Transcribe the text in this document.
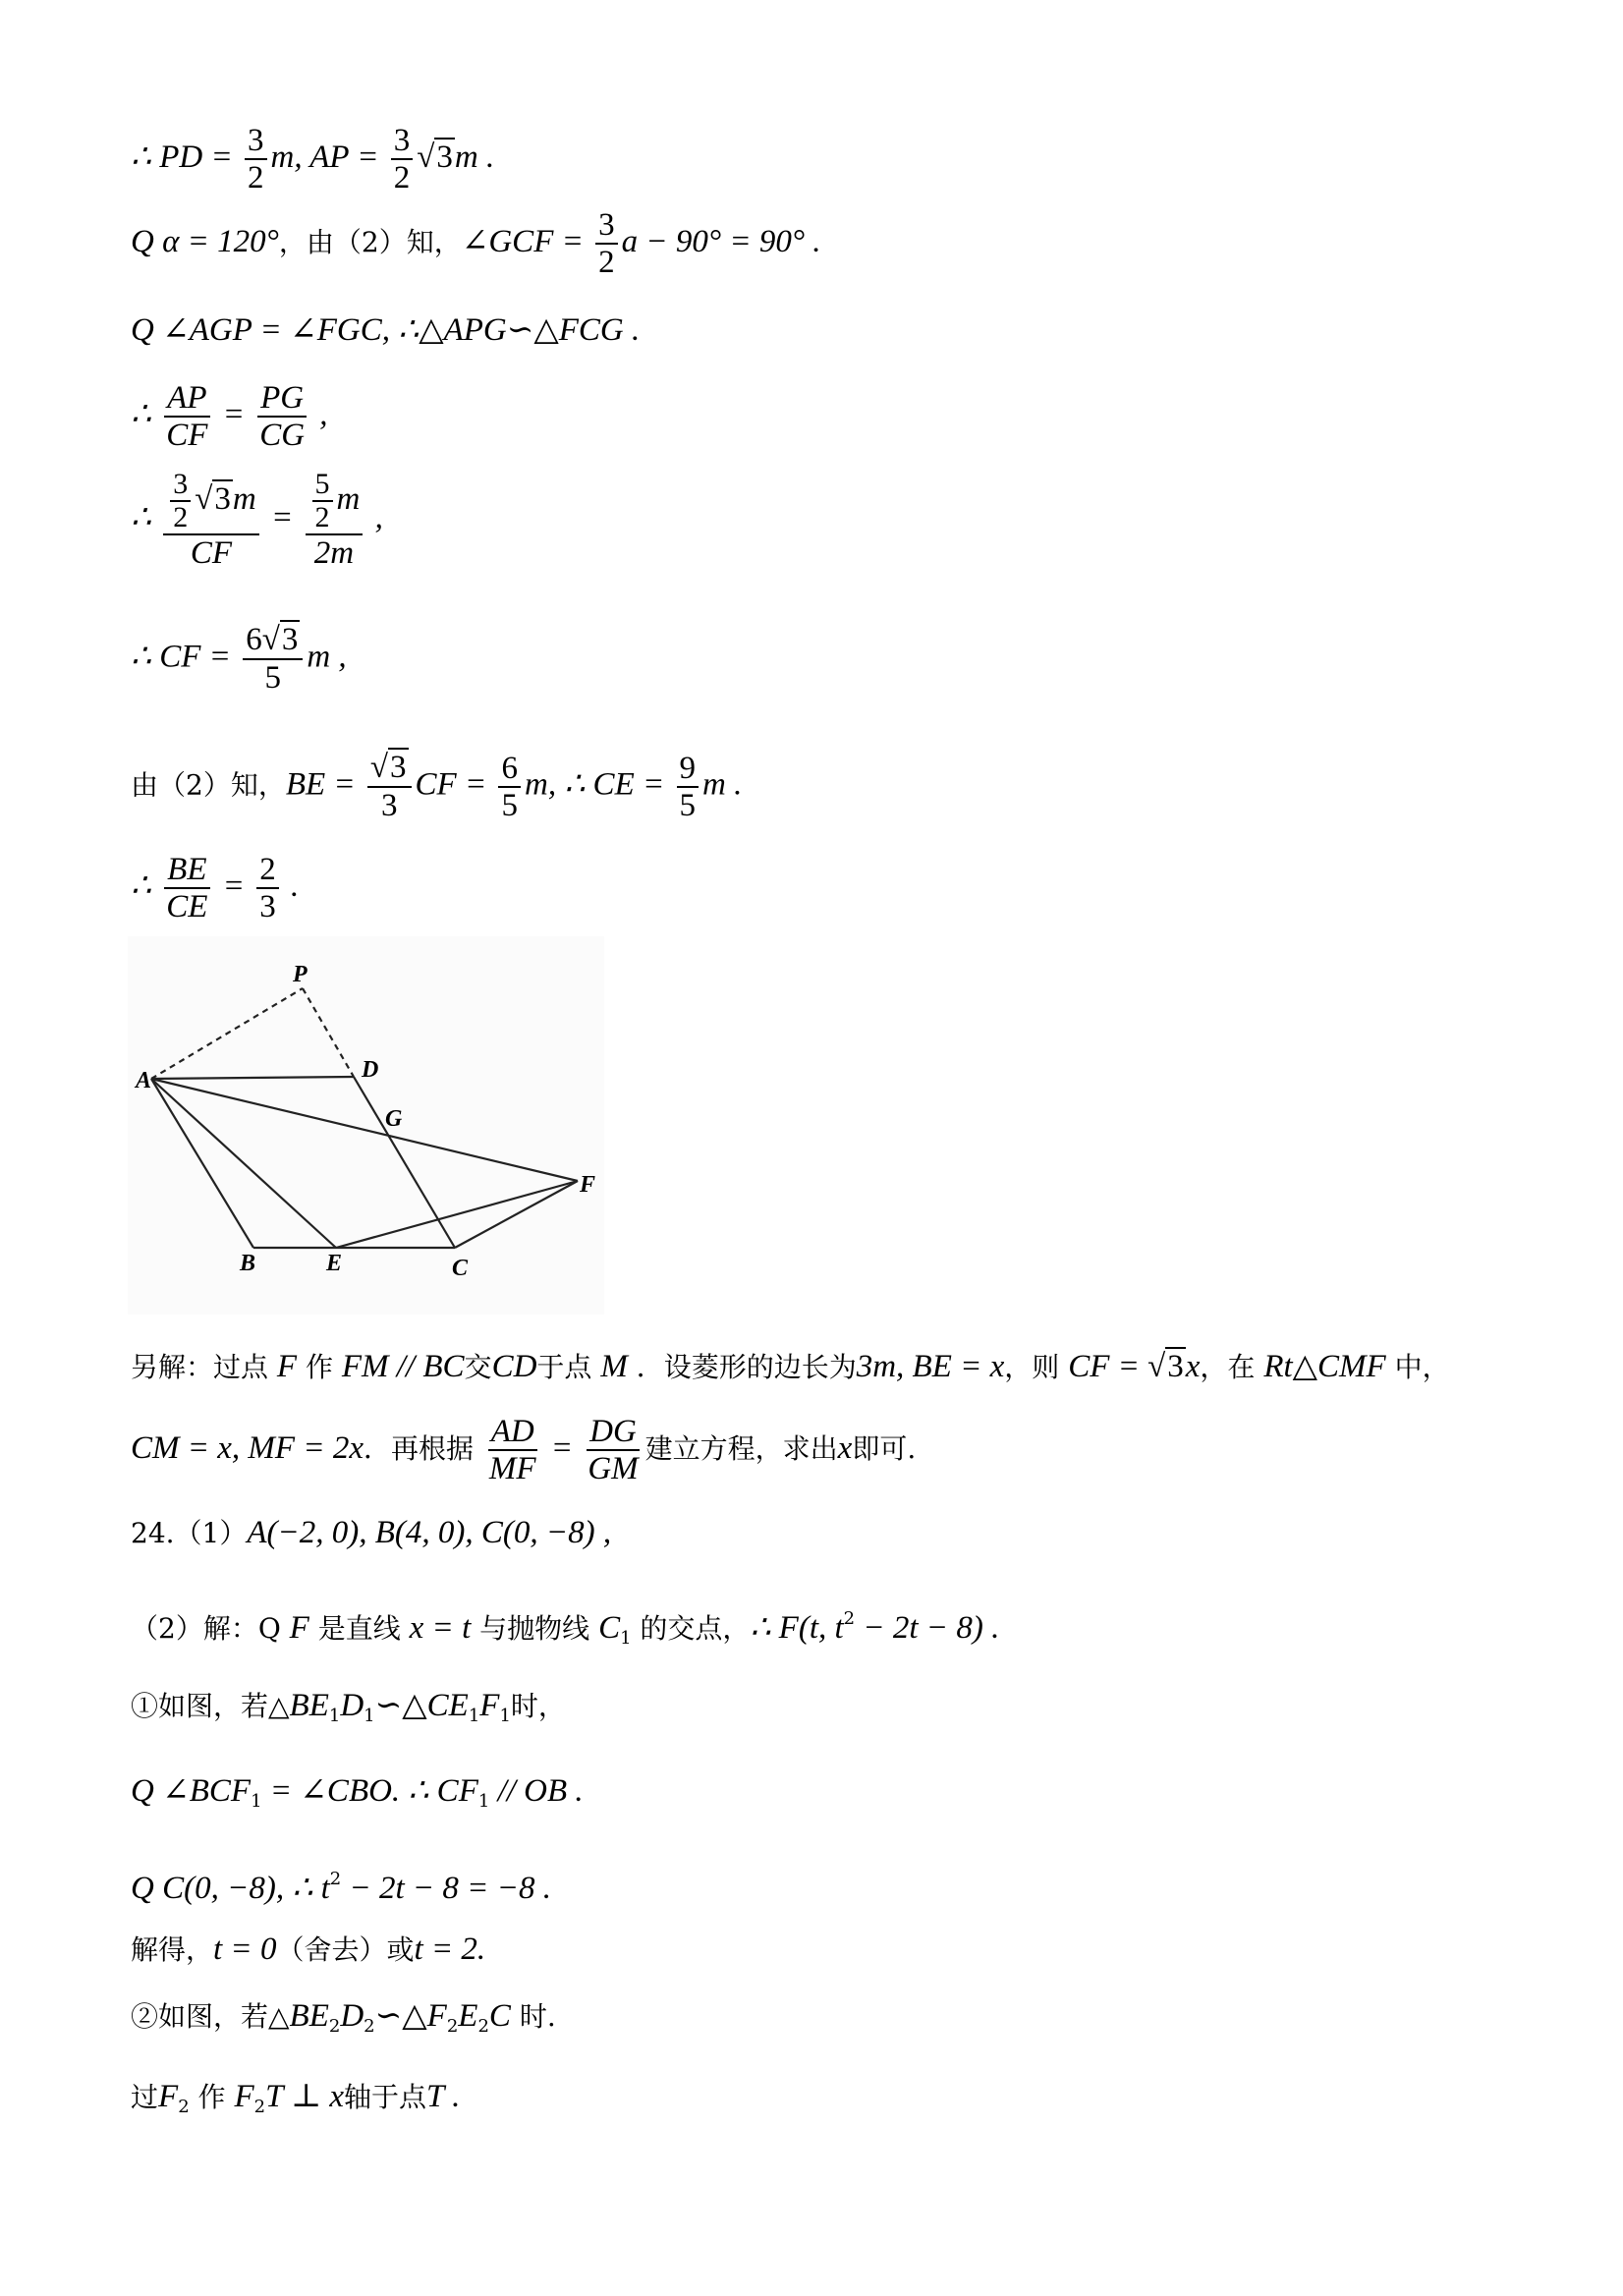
∴ PD = $\frac{3}{2} m$, AP = $\frac{3}{2} √3m$ .
Q α = 120°，由（2）知，∠GCF = $\frac{3}{2}$ a − 90° = 90° .
Q ∠AGP = ∠FGC, ∴△APG∽△FCG .
∴ $\frac{AP}{CF} = \frac{PG}{CG}$ ,
∴ $\frac{\frac{3}{2} √3m}{CF} = \frac{\frac{5}{2} m}{2m}$ ,
∴ CF = $\frac{6√3}{5}$ m ,
由（2）知，BE = $\frac{√3}{3}$ CF = $\frac{6}{5} m$, ∴ CE = $\frac{9}{5}$ m .
∴ $\frac{BE}{CE} = \frac{2}{3}$ .
P
A	D
G
F
B	E	C
另解：过点 F 作 FM // BC交CD于点 M ．设菱形的边长为3m, BE = x，则 CF = √3x，在 Rt△CMF 中，
CM = x, MF = 2x．再根据 $\frac{AD}{MF} = \frac{DG}{GM}$ 建立方程，求出x即可.
24.（1）A(−2, 0), B(4, 0), C(0, −8) ,
（2）解：Q F 是直线 x = t 与抛物线 $C_1$ 的交点，∴ F(t, $t^2 - 2t - 8$) .
①如图，若$\triangle BE_1D_1∽\triangle CE_1F_1$时，
Q $\angle BCF_1$ = ∠CBO. ∴ $CF_1$ // OB .
Q C(0, −8), ∴ $t^2 - 2t - 8 = -8$ .
解得，t = 0（舍去）或t = 2.
②如图，若$\triangle BE_2D_2∽\triangle F_2E_2C$ 时.
过$F_2$ 作 $F_2T$ ⊥ x轴于点T .
